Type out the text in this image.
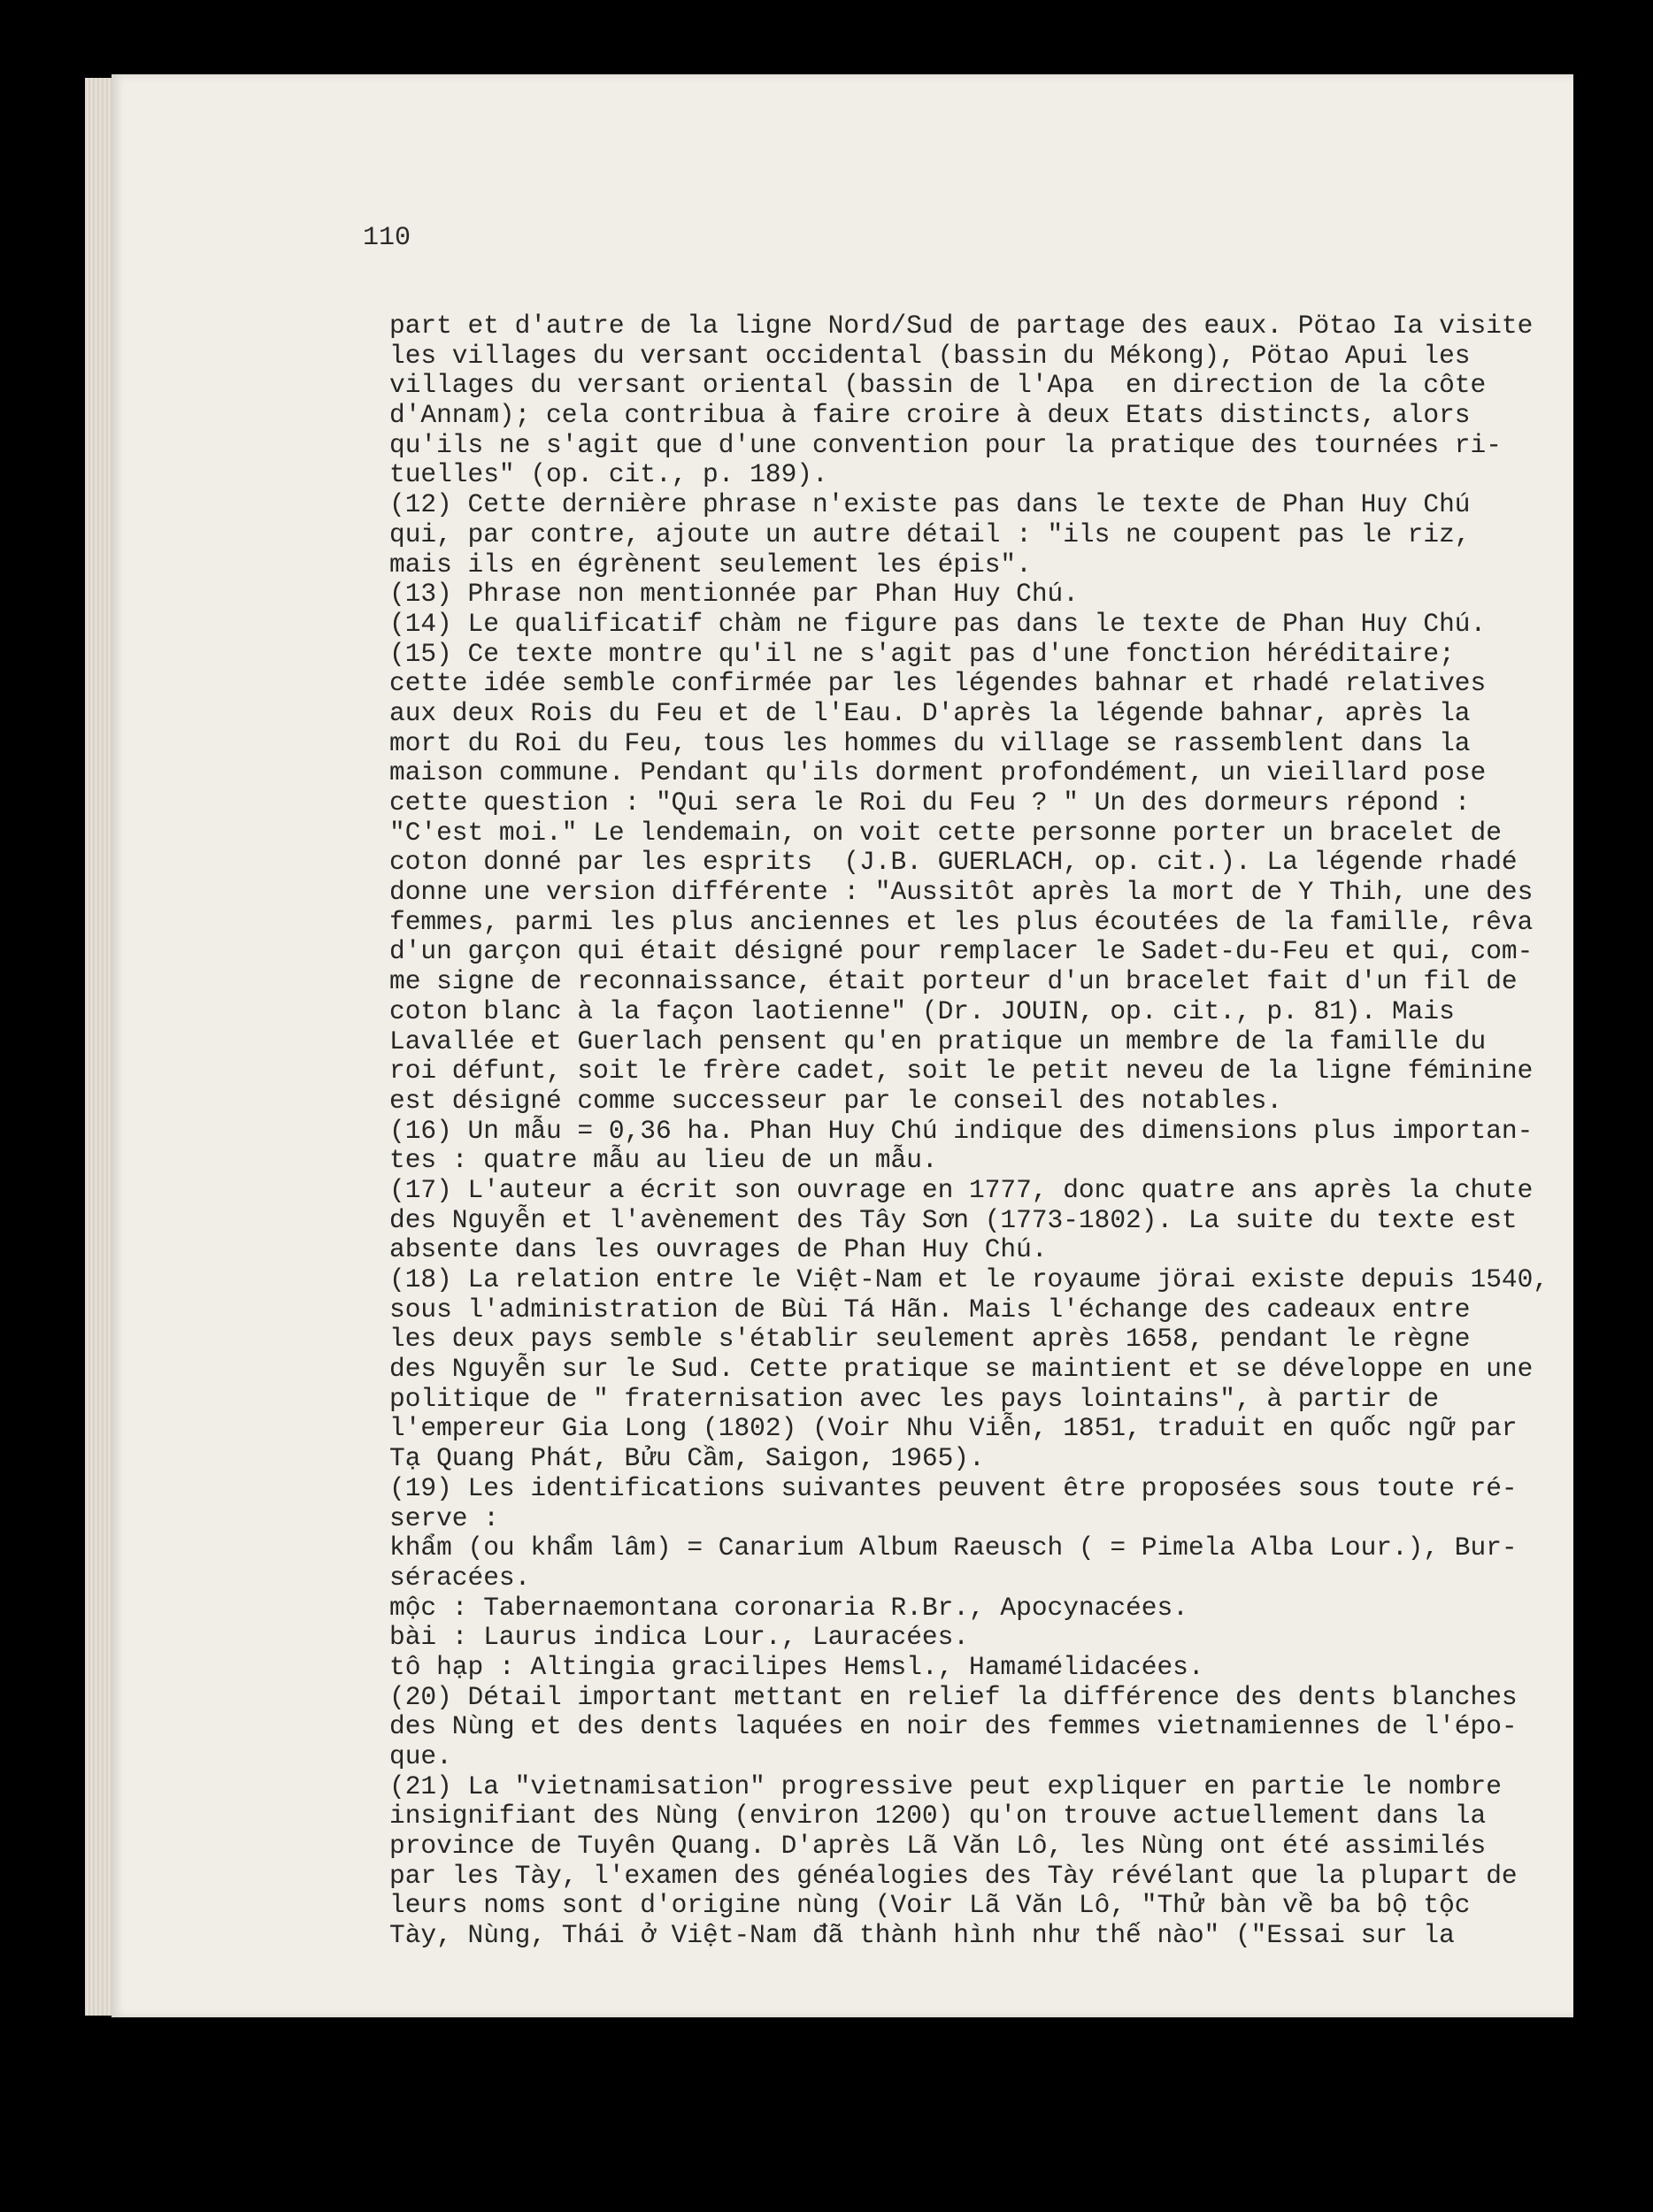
110
part et d'autre de la ligne Nord/Sud de partage des eaux. Pötao Ia visite
les villages du versant occidental (bassin du Mékong), Pötao Apui les
villages du versant oriental (bassin de l'Apa  en direction de la côte
d'Annam); cela contribua à faire croire à deux Etats distincts, alors
qu'ils ne s'agit que d'une convention pour la pratique des tournées ri-
tuelles" (op. cit., p. 189).
(12) Cette dernière phrase n'existe pas dans le texte de Phan Huy Chú
qui, par contre, ajoute un autre détail : "ils ne coupent pas le riz,
mais ils en égrènent seulement les épis".
(13) Phrase non mentionnée par Phan Huy Chú.
(14) Le qualificatif chàm ne figure pas dans le texte de Phan Huy Chú.
(15) Ce texte montre qu'il ne s'agit pas d'une fonction héréditaire;
cette idée semble confirmée par les légendes bahnar et rhadé relatives
aux deux Rois du Feu et de l'Eau. D'après la légende bahnar, après la
mort du Roi du Feu, tous les hommes du village se rassemblent dans la
maison commune. Pendant qu'ils dorment profondément, un vieillard pose
cette question : "Qui sera le Roi du Feu ? " Un des dormeurs répond :
"C'est moi." Le lendemain, on voit cette personne porter un bracelet de
coton donné par les esprits  (J.B. GUERLACH, op. cit.). La légende rhadé
donne une version différente : "Aussitôt après la mort de Y Thih, une des
femmes, parmi les plus anciennes et les plus écoutées de la famille, rêva
d'un garçon qui était désigné pour remplacer le Sadet-du-Feu et qui, com-
me signe de reconnaissance, était porteur d'un bracelet fait d'un fil de
coton blanc à la façon laotienne" (Dr. JOUIN, op. cit., p. 81). Mais
Lavallée et Guerlach pensent qu'en pratique un membre de la famille du
roi défunt, soit le frère cadet, soit le petit neveu de la ligne féminine
est désigné comme successeur par le conseil des notables.
(16) Un mẫu = 0,36 ha. Phan Huy Chú indique des dimensions plus importan-
tes : quatre mẫu au lieu de un mẫu.
(17) L'auteur a écrit son ouvrage en 1777, donc quatre ans après la chute
des Nguyễn et l'avènement des Tây Sơn (1773-1802). La suite du texte est
absente dans les ouvrages de Phan Huy Chú.
(18) La relation entre le Việt-Nam et le royaume jörai existe depuis 1540,
sous l'administration de Bùi Tá Hãn. Mais l'échange des cadeaux entre
les deux pays semble s'établir seulement après 1658, pendant le règne
des Nguyễn sur le Sud. Cette pratique se maintient et se développe en une
politique de " fraternisation avec les pays lointains", à partir de
l'empereur Gia Long (1802) (Voir Nhu Viễn, 1851, traduit en quốc ngữ par
Tạ Quang Phát, Bửu Cầm, Saigon, 1965).
(19) Les identifications suivantes peuvent être proposées sous toute ré-
serve :
khẩm (ou khẩm lâm) = Canarium Album Raeusch ( = Pimela Alba Lour.), Bur-
séracées.
mộc : Tabernaemontana coronaria R.Br., Apocynacées.
bài : Laurus indica Lour., Lauracées.
tô hạp : Altingia gracilipes Hemsl., Hamamélidacées.
(20) Détail important mettant en relief la différence des dents blanches
des Nùng et des dents laquées en noir des femmes vietnamiennes de l'épo-
que.
(21) La "vietnamisation" progressive peut expliquer en partie le nombre
insignifiant des Nùng (environ 1200) qu'on trouve actuellement dans la
province de Tuyên Quang. D'après Lã Văn Lô, les Nùng ont été assimilés
par les Tày, l'examen des généalogies des Tày révélant que la plupart de
leurs noms sont d'origine nùng (Voir Lã Văn Lô, "Thử bàn về ba bộ tộc
Tày, Nùng, Thái ở Việt-Nam đã thành hình như thế nào" ("Essai sur la
